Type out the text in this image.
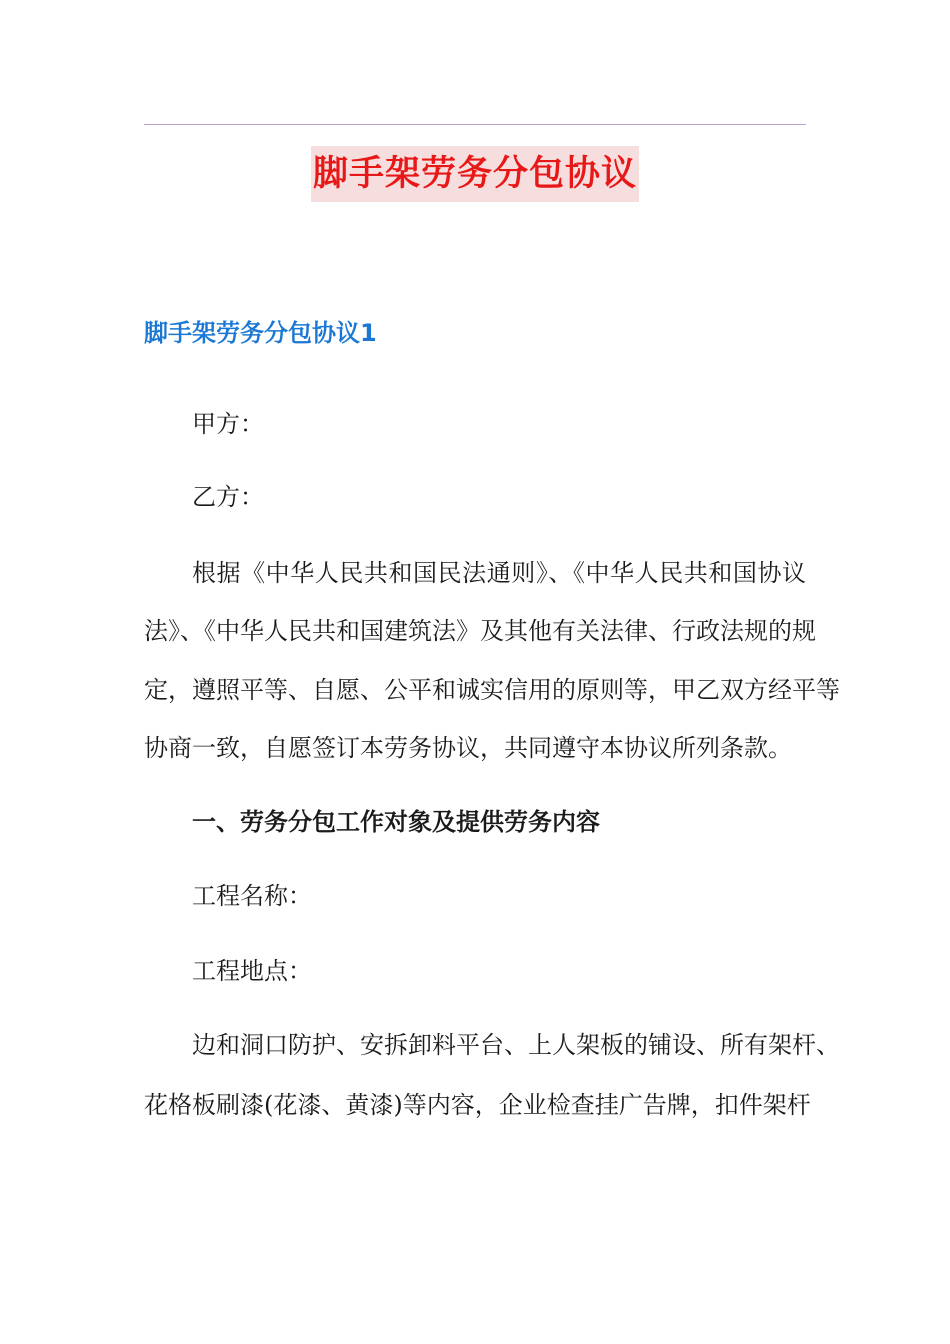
脚手架劳务分包协议
脚手架劳务分包协议1

甲方：

乙方：

根据《中华人民共和国民法通则》、《中华人民共和国协议

法》、《中华人民共和国建筑法》及其他有关法律、行政法规的规

定，遵照平等、自愿、公平和诚实信用的原则等，甲乙双方经平等

协商一致，自愿签订本劳务协议，共同遵守本协议所列条款。

一、劳务分包工作对象及提供劳务内容

工程名称：

工程地点：

边和洞口防护、安拆卸料平台、上人架板的铺设、所有架杆、

花格板刷漆(花漆、黄漆)等内容，企业检查挂广告牌，扣件架杆
